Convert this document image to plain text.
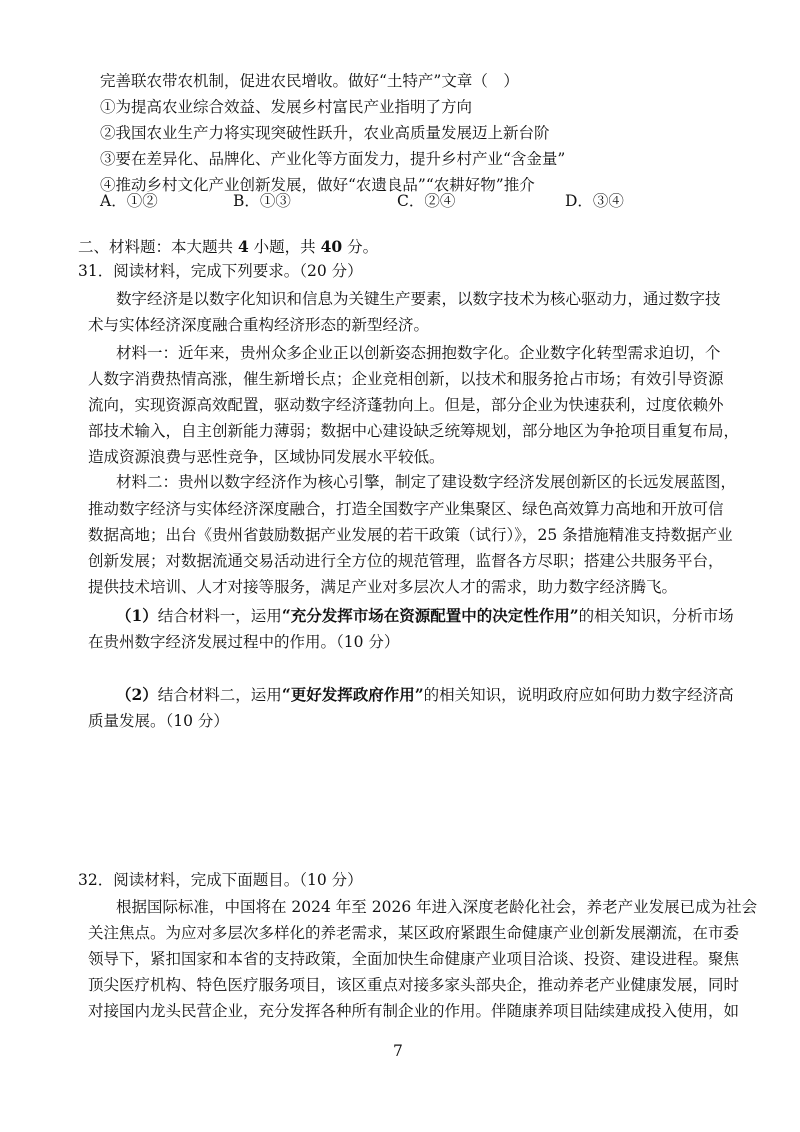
完善联农带农机制，促进农民增收。做好“土特产”文章（　）
①为提高农业综合效益、发展乡村富民产业指明了方向
②我国农业生产力将实现突破性跃升，农业高质量发展迈上新台阶
③要在差异化、品牌化、产业化等方面发力，提升乡村产业“含金量”
④推动乡村文化产业创新发展，做好“农遗良品”“农耕好物”推介
A．①②	B．①③	C．②④	D．③④
二、材料题：本大题共 4 小题，共 40 分。
31．阅读材料，完成下列要求。（20 分）
数字经济是以数字化知识和信息为关键生产要素，以数字技术为核心驱动力，通过数字技
术与实体经济深度融合重构经济形态的新型经济。
材料一：近年来，贵州众多企业正以创新姿态拥抱数字化。企业数字化转型需求迫切，个
人数字消费热情高涨，催生新增长点；企业竞相创新，以技术和服务抢占市场；有效引导资源
流向，实现资源高效配置，驱动数字经济蓬勃向上。但是，部分企业为快速获利，过度依赖外
部技术输入，自主创新能力薄弱；数据中心建设缺乏统筹规划，部分地区为争抢项目重复布局，
造成资源浪费与恶性竞争，区域协同发展水平较低。
材料二：贵州以数字经济作为核心引擎，制定了建设数字经济发展创新区的长远发展蓝图，
推动数字经济与实体经济深度融合，打造全国数字产业集聚区、绿色高效算力高地和开放可信
数据高地；出台《贵州省鼓励数据产业发展的若干政策（试行）》，25 条措施精准支持数据产业
创新发展；对数据流通交易活动进行全方位的规范管理，监督各方尽职；搭建公共服务平台，
提供技术培训、人才对接等服务，满足产业对多层次人才的需求，助力数字经济腾飞。
（1）结合材料一，运用“充分发挥市场在资源配置中的决定性作用”的相关知识，分析市场
在贵州数字经济发展过程中的作用。（10 分）
（2）结合材料二，运用“更好发挥政府作用”的相关知识，说明政府应如何助力数字经济高
质量发展。（10 分）
32．阅读材料，完成下面题目。（10 分）
根据国际标准，中国将在 2024 年至 2026 年进入深度老龄化社会，养老产业发展已成为社会
关注焦点。为应对多层次多样化的养老需求，某区政府紧跟生命健康产业创新发展潮流，在市委
领导下，紧扣国家和本省的支持政策，全面加快生命健康产业项目洽谈、投资、建设进程。聚焦
顶尖医疗机构、特色医疗服务项目，该区重点对接多家头部央企，推动养老产业健康发展，同时
对接国内龙头民营企业，充分发挥各种所有制企业的作用。伴随康养项目陆续建成投入使用，如
7
